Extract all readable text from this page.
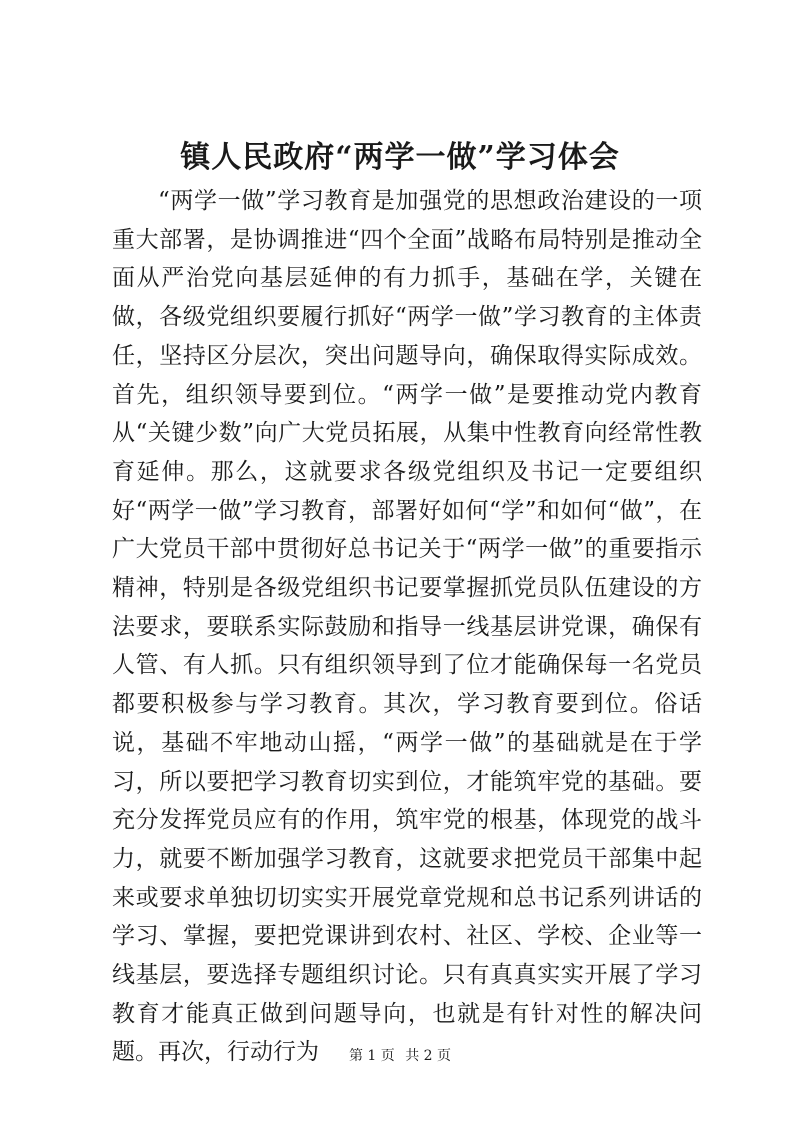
镇人民政府“两学一做”学习体会

“两学一做”学习教育是加强党的思想政治建设的一项重大部署，是协调推进“四个全面”战略布局特别是推动全面从严治党向基层延伸的有力抓手，基础在学，关键在做，各级党组织要履行抓好“两学一做”学习教育的主体责任，坚持区分层次，突出问题导向，确保取得实际成效。首先，组织领导要到位。“两学一做”是要推动党内教育从“关键少数”向广大党员拓展，从集中性教育向经常性教育延伸。那么，这就要求各级党组织及书记一定要组织好“两学一做”学习教育，部署好如何“学”和如何“做”，在广大党员干部中贯彻好总书记关于“两学一做”的重要指示精神，特别是各级党组织书记要掌握抓党员队伍建设的方法要求，要联系实际鼓励和指导一线基层讲党课，确保有人管、有人抓。只有组织领导到了位才能确保每一名党员都要积极参与学习教育。其次，学习教育要到位。俗话说，基础不牢地动山摇，“两学一做”的基础就是在于学习，所以要把学习教育切实到位，才能筑牢党的基础。要充分发挥党员应有的作用，筑牢党的根基，体现党的战斗力，就要不断加强学习教育，这就要求把党员干部集中起来或要求单独切切实实开展党章党规和总书记系列讲话的学习、掌握，要把党课讲到农村、社区、学校、企业等一线基层，要选择专题组织讨论。只有真真实实开展了学习教育才能真正做到问题导向，也就是有针对性的解决问题。再次，行动行为	第 1 页 共 2 页
